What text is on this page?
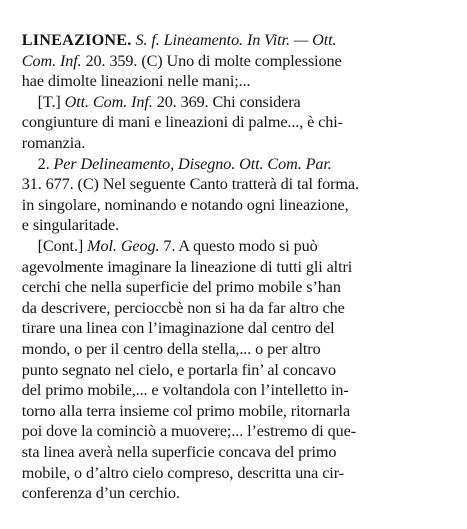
LINEAZIONE. S. f. Lineamento. In Vitr. — Ott.

Com. Inf. 20. 359. (C) Uno di molte complessione

hae dimolte lineazioni nelle mani;...

[T.] Ott. Com. Inf. 20. 369. Chi considera

congiunture di mani e lineazioni di palme..., è chi-

romanzia.

2. Per Delineamento, Disegno. Ott. Com. Par.

31. 677. (C) Nel seguente Canto tratterà di tal forma.

in singolare, nominando e notando ogni lineazione,

e singularitade.

[Cont.] Mol. Geog. 7. A questo modo si può

agevolmente imaginare la lineazione di tutti gli altri

cerchi che nella superficie del primo mobile s’han

da descrivere, percioccbè non si ha da far altro che

tirare una linea con l’imaginazione dal centro del

mondo, o per il centro della stella,... o per altro

punto segnato nel cielo, e portarla fin’ al concavo

del primo mobile,... e voltandola con l’intelletto in-

torno alla terra insieme col primo mobile, ritornarla

poi dove la cominciò a muovere;... l’estremo di que-

sta linea averà nella superficie concava del primo

mobile, o d’altro cielo compreso, descritta una cir-

conferenza d’un cerchio.
